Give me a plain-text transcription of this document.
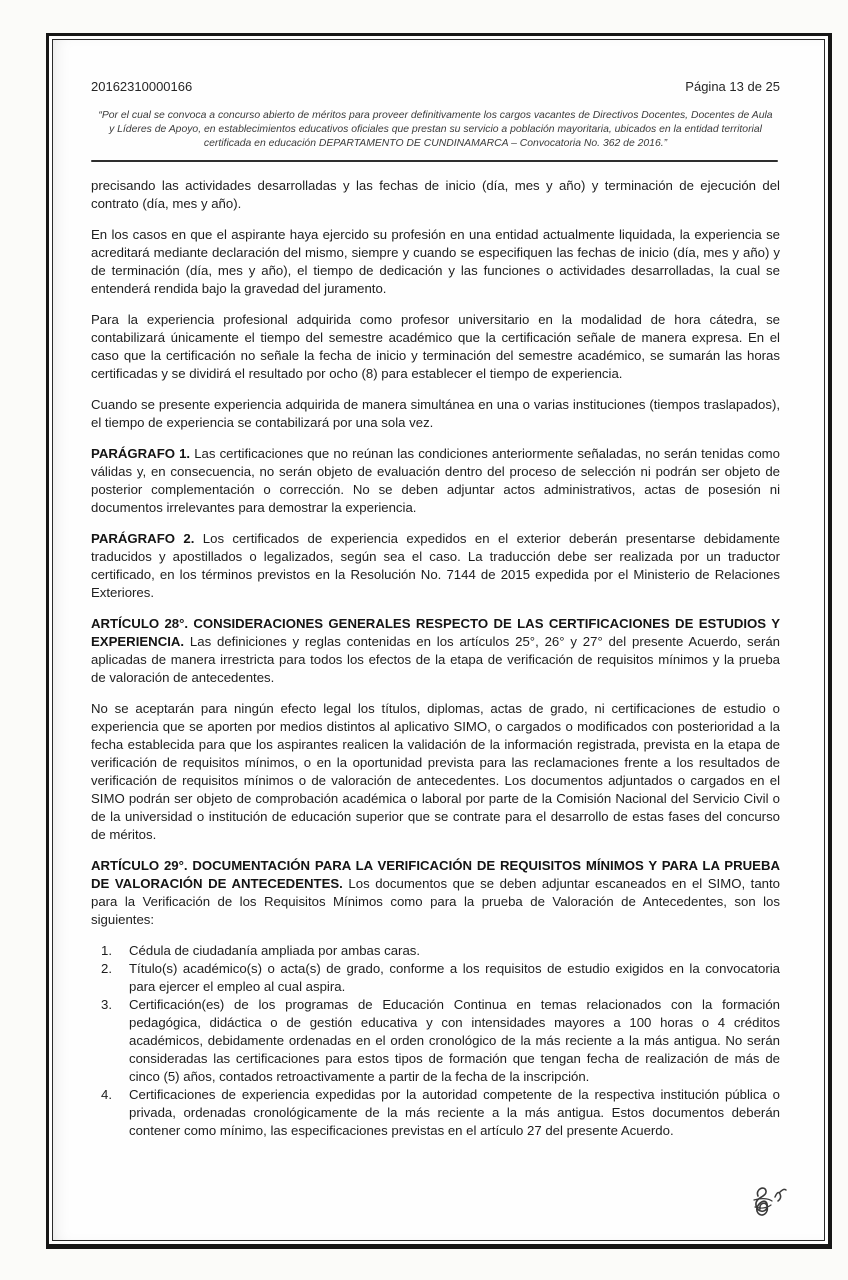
20162310000166	Página 13 de 25
“Por el cual se convoca a concurso abierto de méritos para proveer definitivamente los cargos vacantes de Directivos Docentes, Docentes de Aula y Líderes de Apoyo, en establecimientos educativos oficiales que prestan su servicio a población mayoritaria, ubicados en la entidad territorial certificada en educación DEPARTAMENTO DE CUNDINAMARCA – Convocatoria No. 362 de 2016.”

precisando las actividades desarrolladas y las fechas de inicio (día, mes y año) y terminación de ejecución del contrato (día, mes y año).

En los casos en que el aspirante haya ejercido su profesión en una entidad actualmente liquidada, la experiencia se acreditará mediante declaración del mismo, siempre y cuando se especifiquen las fechas de inicio (día, mes y año) y de terminación (día, mes y año), el tiempo de dedicación y las funciones o actividades desarrolladas, la cual se entenderá rendida bajo la gravedad del juramento.

Para la experiencia profesional adquirida como profesor universitario en la modalidad de hora cátedra, se contabilizará únicamente el tiempo del semestre académico que la certificación señale de manera expresa. En el caso que la certificación no señale la fecha de inicio y terminación del semestre académico, se sumarán las horas certificadas y se dividirá el resultado por ocho (8) para establecer el tiempo de experiencia.

Cuando se presente experiencia adquirida de manera simultánea en una o varias instituciones (tiempos traslapados), el tiempo de experiencia se contabilizará por una sola vez.

PARÁGRAFO 1. Las certificaciones que no reúnan las condiciones anteriormente señaladas, no serán tenidas como válidas y, en consecuencia, no serán objeto de evaluación dentro del proceso de selección ni podrán ser objeto de posterior complementación o corrección. No se deben adjuntar actos administrativos, actas de posesión ni documentos irrelevantes para demostrar la experiencia.

PARÁGRAFO 2. Los certificados de experiencia expedidos en el exterior deberán presentarse debidamente traducidos y apostillados o legalizados, según sea el caso. La traducción debe ser realizada por un traductor certificado, en los términos previstos en la Resolución No. 7144 de 2015 expedida por el Ministerio de Relaciones Exteriores.

ARTÍCULO 28°. CONSIDERACIONES GENERALES RESPECTO DE LAS CERTIFICACIONES DE ESTUDIOS Y EXPERIENCIA. Las definiciones y reglas contenidas en los artículos 25°, 26° y 27° del presente Acuerdo, serán aplicadas de manera irrestricta para todos los efectos de la etapa de verificación de requisitos mínimos y la prueba de valoración de antecedentes.

No se aceptarán para ningún efecto legal los títulos, diplomas, actas de grado, ni certificaciones de estudio o experiencia que se aporten por medios distintos al aplicativo SIMO, o cargados o modificados con posterioridad a la fecha establecida para que los aspirantes realicen la validación de la información registrada, prevista en la etapa de verificación de requisitos mínimos, o en la oportunidad prevista para las reclamaciones frente a los resultados de verificación de requisitos mínimos o de valoración de antecedentes. Los documentos adjuntados o cargados en el SIMO podrán ser objeto de comprobación académica o laboral por parte de la Comisión Nacional del Servicio Civil o de la universidad o institución de educación superior que se contrate para el desarrollo de estas fases del concurso de méritos.

ARTÍCULO 29°. DOCUMENTACIÓN PARA LA VERIFICACIÓN DE REQUISITOS MÍNIMOS Y PARA LA PRUEBA DE VALORACIÓN DE ANTECEDENTES. Los documentos que se deben adjuntar escaneados en el SIMO, tanto para la Verificación de los Requisitos Mínimos como para la prueba de Valoración de Antecedentes, son los siguientes:

1.	Cédula de ciudadanía ampliada por ambas caras.
2.	Título(s) académico(s) o acta(s) de grado, conforme a los requisitos de estudio exigidos en la convocatoria para ejercer el empleo al cual aspira.
3.	Certificación(es) de los programas de Educación Continua en temas relacionados con la formación pedagógica, didáctica o de gestión educativa y con intensidades mayores a 100 horas o 4 créditos académicos, debidamente ordenadas en el orden cronológico de la más reciente a la más antigua. No serán consideradas las certificaciones para estos tipos de formación que tengan fecha de realización de más de cinco (5) años, contados retroactivamente a partir de la fecha de la inscripción.
4.	Certificaciones de experiencia expedidas por la autoridad competente de la respectiva institución pública o privada, ordenadas cronológicamente de la más reciente a la más antigua. Estos documentos deberán contener como mínimo, las especificaciones previstas en el artículo 27 del presente Acuerdo.
